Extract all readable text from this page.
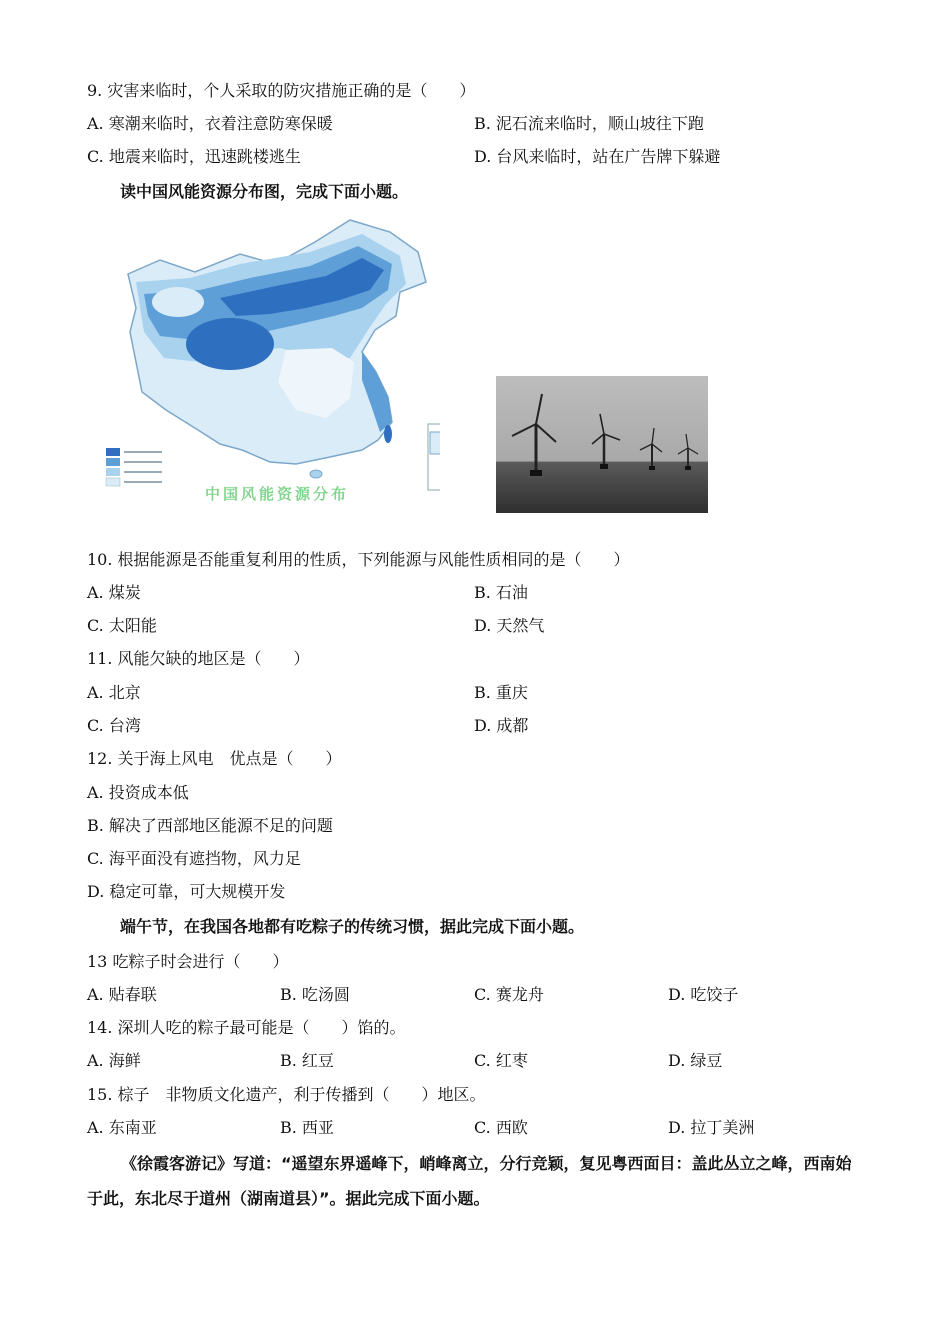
9. 灾害来临时，个人采取的防灾措施正确的是（　　）
A. 寒潮来临时，衣着注意防寒保暖	B. 泥石流来临时，顺山坡往下跑
C. 地震来临时，迅速跳楼逃生	D. 台风来临时，站在广告牌下躲避
读中国风能资源分布图，完成下面小题。
中国风能资源分布
10. 根据能源是否能重复利用的性质，下列能源与风能性质相同的是（　　）
A. 煤炭	B. 石油
C. 太阳能	D. 天然气
11. 风能欠缺的地区是（　　）
A. 北京	B. 重庆
C. 台湾	D. 成都
12. 关于海上风电　优点是（　　）
A. 投资成本低
B. 解决了西部地区能源不足的问题
C. 海平面没有遮挡物，风力足
D. 稳定可靠，可大规模开发
端午节，在我国各地都有吃粽子的传统习惯，据此完成下面小题。
13 吃粽子时会进行（　　）
A. 贴春联	B. 吃汤圆	C. 赛龙舟	D. 吃饺子
14. 深圳人吃的粽子最可能是（　　）馅的。
A. 海鲜	B. 红豆	C. 红枣	D. 绿豆
15. 棕子　非物质文化遗产，利于传播到（　　）地区。
A. 东南亚	B. 西亚	C. 西欧	D. 拉丁美洲
《徐霞客游记》写道：“遥望东界遥峰下，峭峰离立，分行竞颖，复见粤西面目：盖此丛立之峰，西南始于此，东北尽于道州（湖南道县）”。据此完成下面小题。
